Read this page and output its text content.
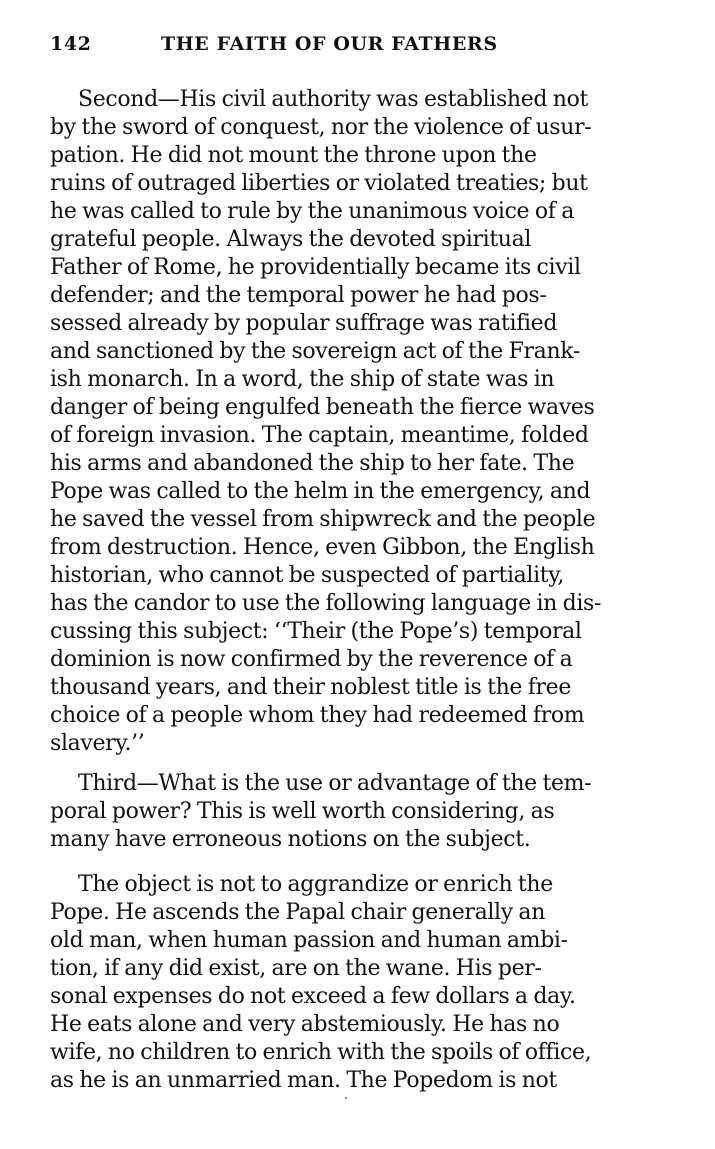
142	THE FAITH OF OUR FATHERS
Second—His civil authority was established not
by the sword of conquest, nor the violence of usur-
pation. He did not mount the throne upon the
ruins of outraged liberties or violated treaties; but
he was called to rule by the unanimous voice of a
grateful people. Always the devoted spiritual
Father of Rome, he providentially became its civil
defender; and the temporal power he had pos-
sessed already by popular suffrage was ratified
and sanctioned by the sovereign act of the Frank-
ish monarch. In a word, the ship of state was in
danger of being engulfed beneath the fierce waves
of foreign invasion. The captain, meantime, folded
his arms and abandoned the ship to her fate. The
Pope was called to the helm in the emergency, and
he saved the vessel from shipwreck and the people
from destruction. Hence, even Gibbon, the English
historian, who cannot be suspected of partiality,
has the candor to use the following language in dis-
cussing this subject: ‘‘Their (the Pope’s) temporal
dominion is now confirmed by the reverence of a
thousand years, and their noblest title is the free
choice of a people whom they had redeemed from
slavery.’’
Third—What is the use or advantage of the tem-
poral power? This is well worth considering, as
many have erroneous notions on the subject.
The object is not to aggrandize or enrich the
Pope. He ascends the Papal chair generally an
old man, when human passion and human ambi-
tion, if any did exist, are on the wane. His per-
sonal expenses do not exceed a few dollars a day.
He eats alone and very abstemiously. He has no
wife, no children to enrich with the spoils of office,
as he is an unmarried man. The Popedom is not
